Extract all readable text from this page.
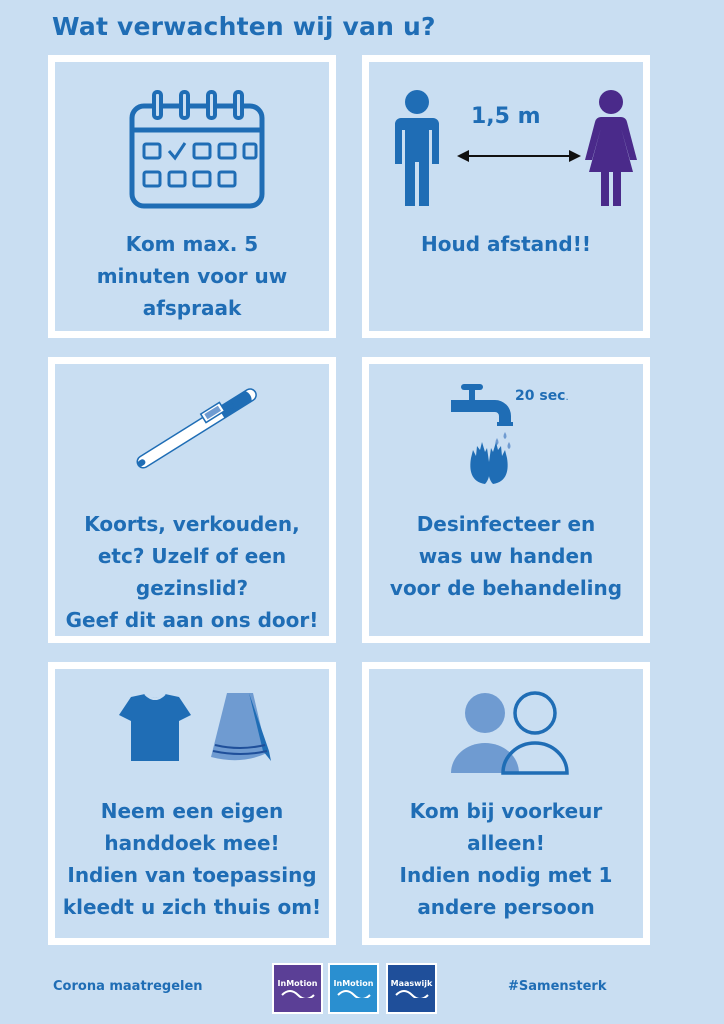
Wat verwachten wij van u?
Kom max. 5
minuten voor uw
afspraak
1,5 m
Houd afstand!!
Koorts, verkouden,
etc? Uzelf of een
gezinslid?
Geef dit aan ons door!
20 sec.
Desinfecteer en
was uw handen
voor de behandeling
Neem een eigen
handdoek mee!
Indien van toepassing
kleedt u zich thuis om!
Kom bij voorkeur
alleen!
Indien nodig met 1
andere persoon
Corona maatregelen	InMotion InMotion Maaswijk	#Samensterk
